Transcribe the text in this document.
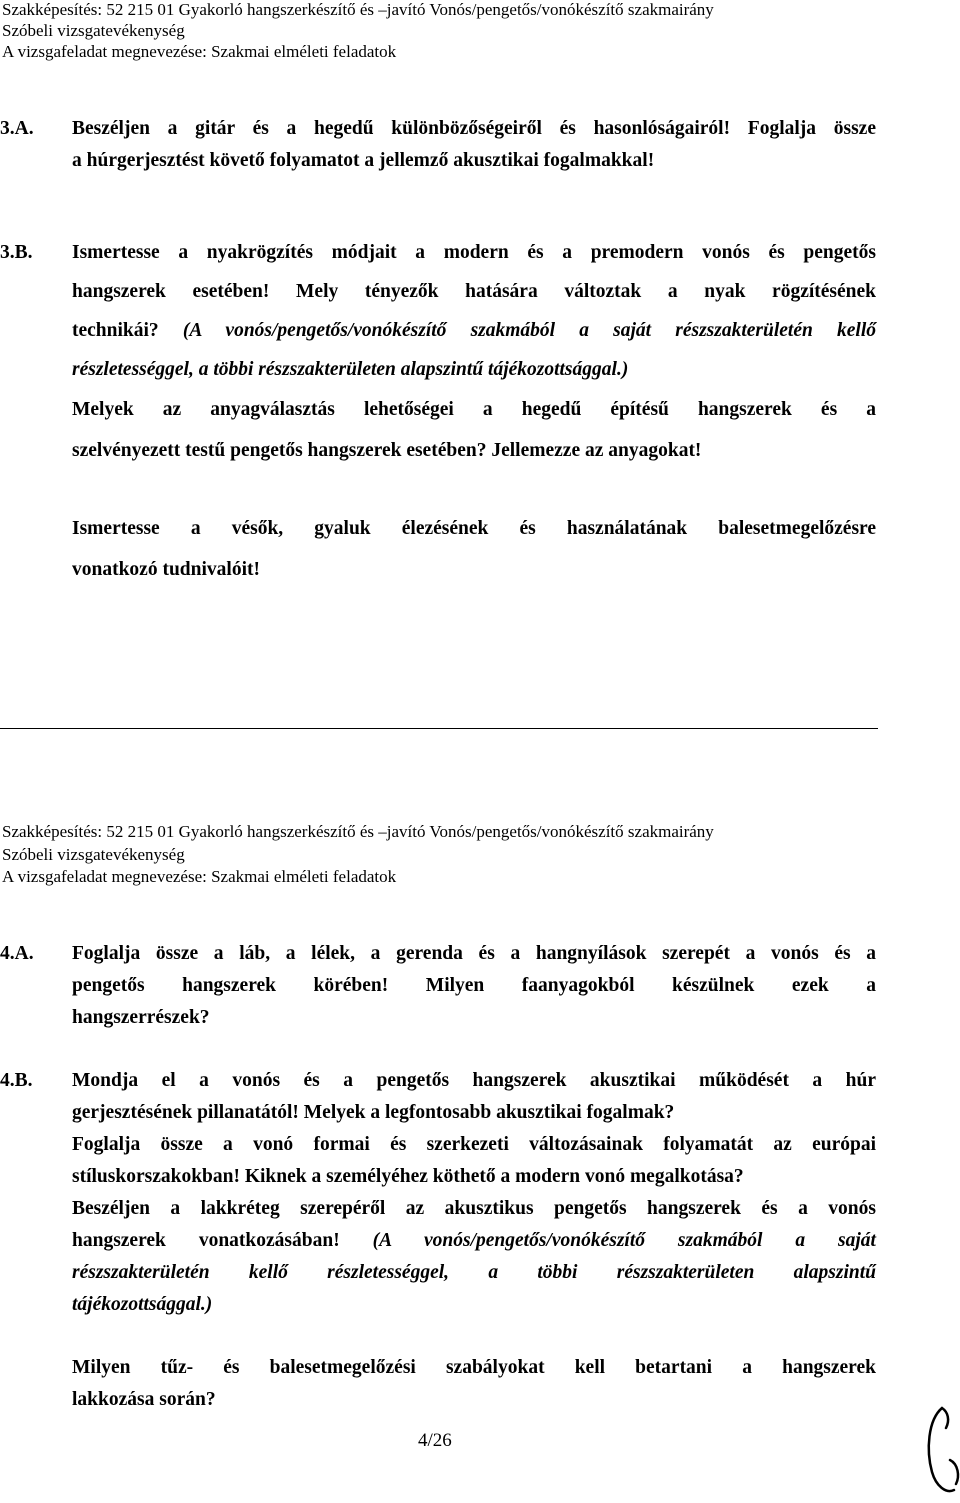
Szakképesítés: 52 215 01 Gyakorló hangszerkészítő és –javító Vonós/pengetős/vonókészítő szakmairány
Szóbeli vizsgatevékenység
A vizsgafeladat megnevezése: Szakmai elméleti feladatok
3.A. Beszéljen a gitár és a hegedű különbözőségeiről és hasonlóságairól! Foglalja össze
a húrgerjesztést követő folyamatot a jellemző akusztikai fogalmakkal!
3.B. Ismertesse a nyakrögzítés módjait a modern és a premodern vonós és pengetős
hangszerek esetében! Mely tényezők hatására változtak a nyak rögzítésének
technikái? (A vonós/pengetős/vonókészítő szakmából a saját részszakterületén kellő
részletességgel, a többi részszakterületen alapszintű tájékozottsággal.)
Melyek az anyagválasztás lehetőségei a hegedű építésű hangszerek és a
szelvényezett testű pengetős hangszerek esetében? Jellemezze az anyagokat!
Ismertesse a vésők, gyaluk élezésének és használatának balesetmegelőzésre
vonatkozó tudnivalóit!
Szakképesítés: 52 215 01 Gyakorló hangszerkészítő és –javító Vonós/pengetős/vonókészítő szakmairány
Szóbeli vizsgatevékenység
A vizsgafeladat megnevezése: Szakmai elméleti feladatok
4.A. Foglalja össze a láb, a lélek, a gerenda és a hangnyílások szerepét a vonós és a
pengetős hangszerek körében! Milyen faanyagokból készülnek ezek a
hangszerrészek?
4.B. Mondja el a vonós és a pengetős hangszerek akusztikai működését a húr
gerjesztésének pillanatától! Melyek a legfontosabb akusztikai fogalmak?
Foglalja össze a vonó formai és szerkezeti változásainak folyamatát az európai
stíluskorszakokban! Kiknek a személyéhez köthető a modern vonó megalkotása?
Beszéljen a lakkréteg szerepéről az akusztikus pengetős hangszerek és a vonós
hangszerek vonatkozásában! (A vonós/pengetős/vonókészítő szakmából a saját
részszakterületén kellő részletességgel, a többi részszakterületen alapszintű
tájékozottsággal.)
Milyen tűz- és balesetmegelőzési szabályokat kell betartani a hangszerek
lakkozása során?
4/26
